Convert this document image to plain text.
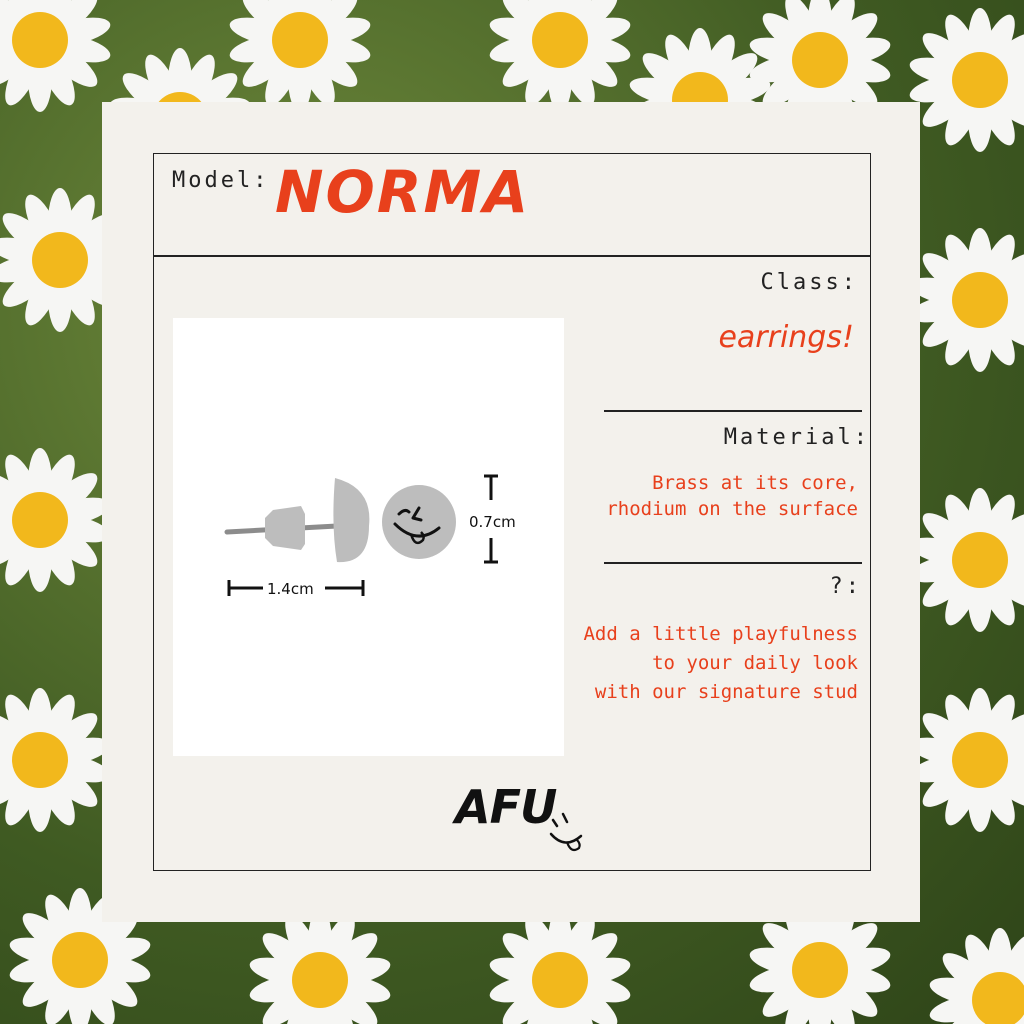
Model: NORMA
Class:
earrings!
Material:
Brass at its core,
rhodium on the surface
?:
Add a little playfulness
to your daily look
with our signature stud
0.7cm
1.4cm
AFU
